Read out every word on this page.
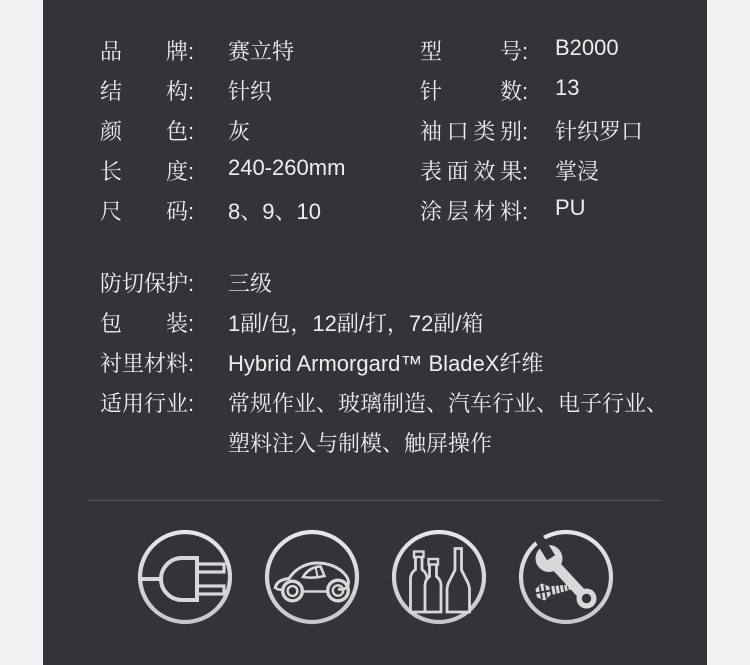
品牌:	赛立特	型号:	B2000
结构:	针织	针数:	13
颜色:	灰	袖口类别:	针织罗口
长度:	240-260mm	表面效果:	掌浸
尺码:	8、9、10	涂层材料:	PU
防切保护:	三级
包装:	1副/包，12副/打，72副/箱
衬里材料:	Hybrid Armorgard™ BladeX纤维
适用行业:	常规作业、玻璃制造、汽车行业、电子行业、
塑料注入与制模、触屏操作
